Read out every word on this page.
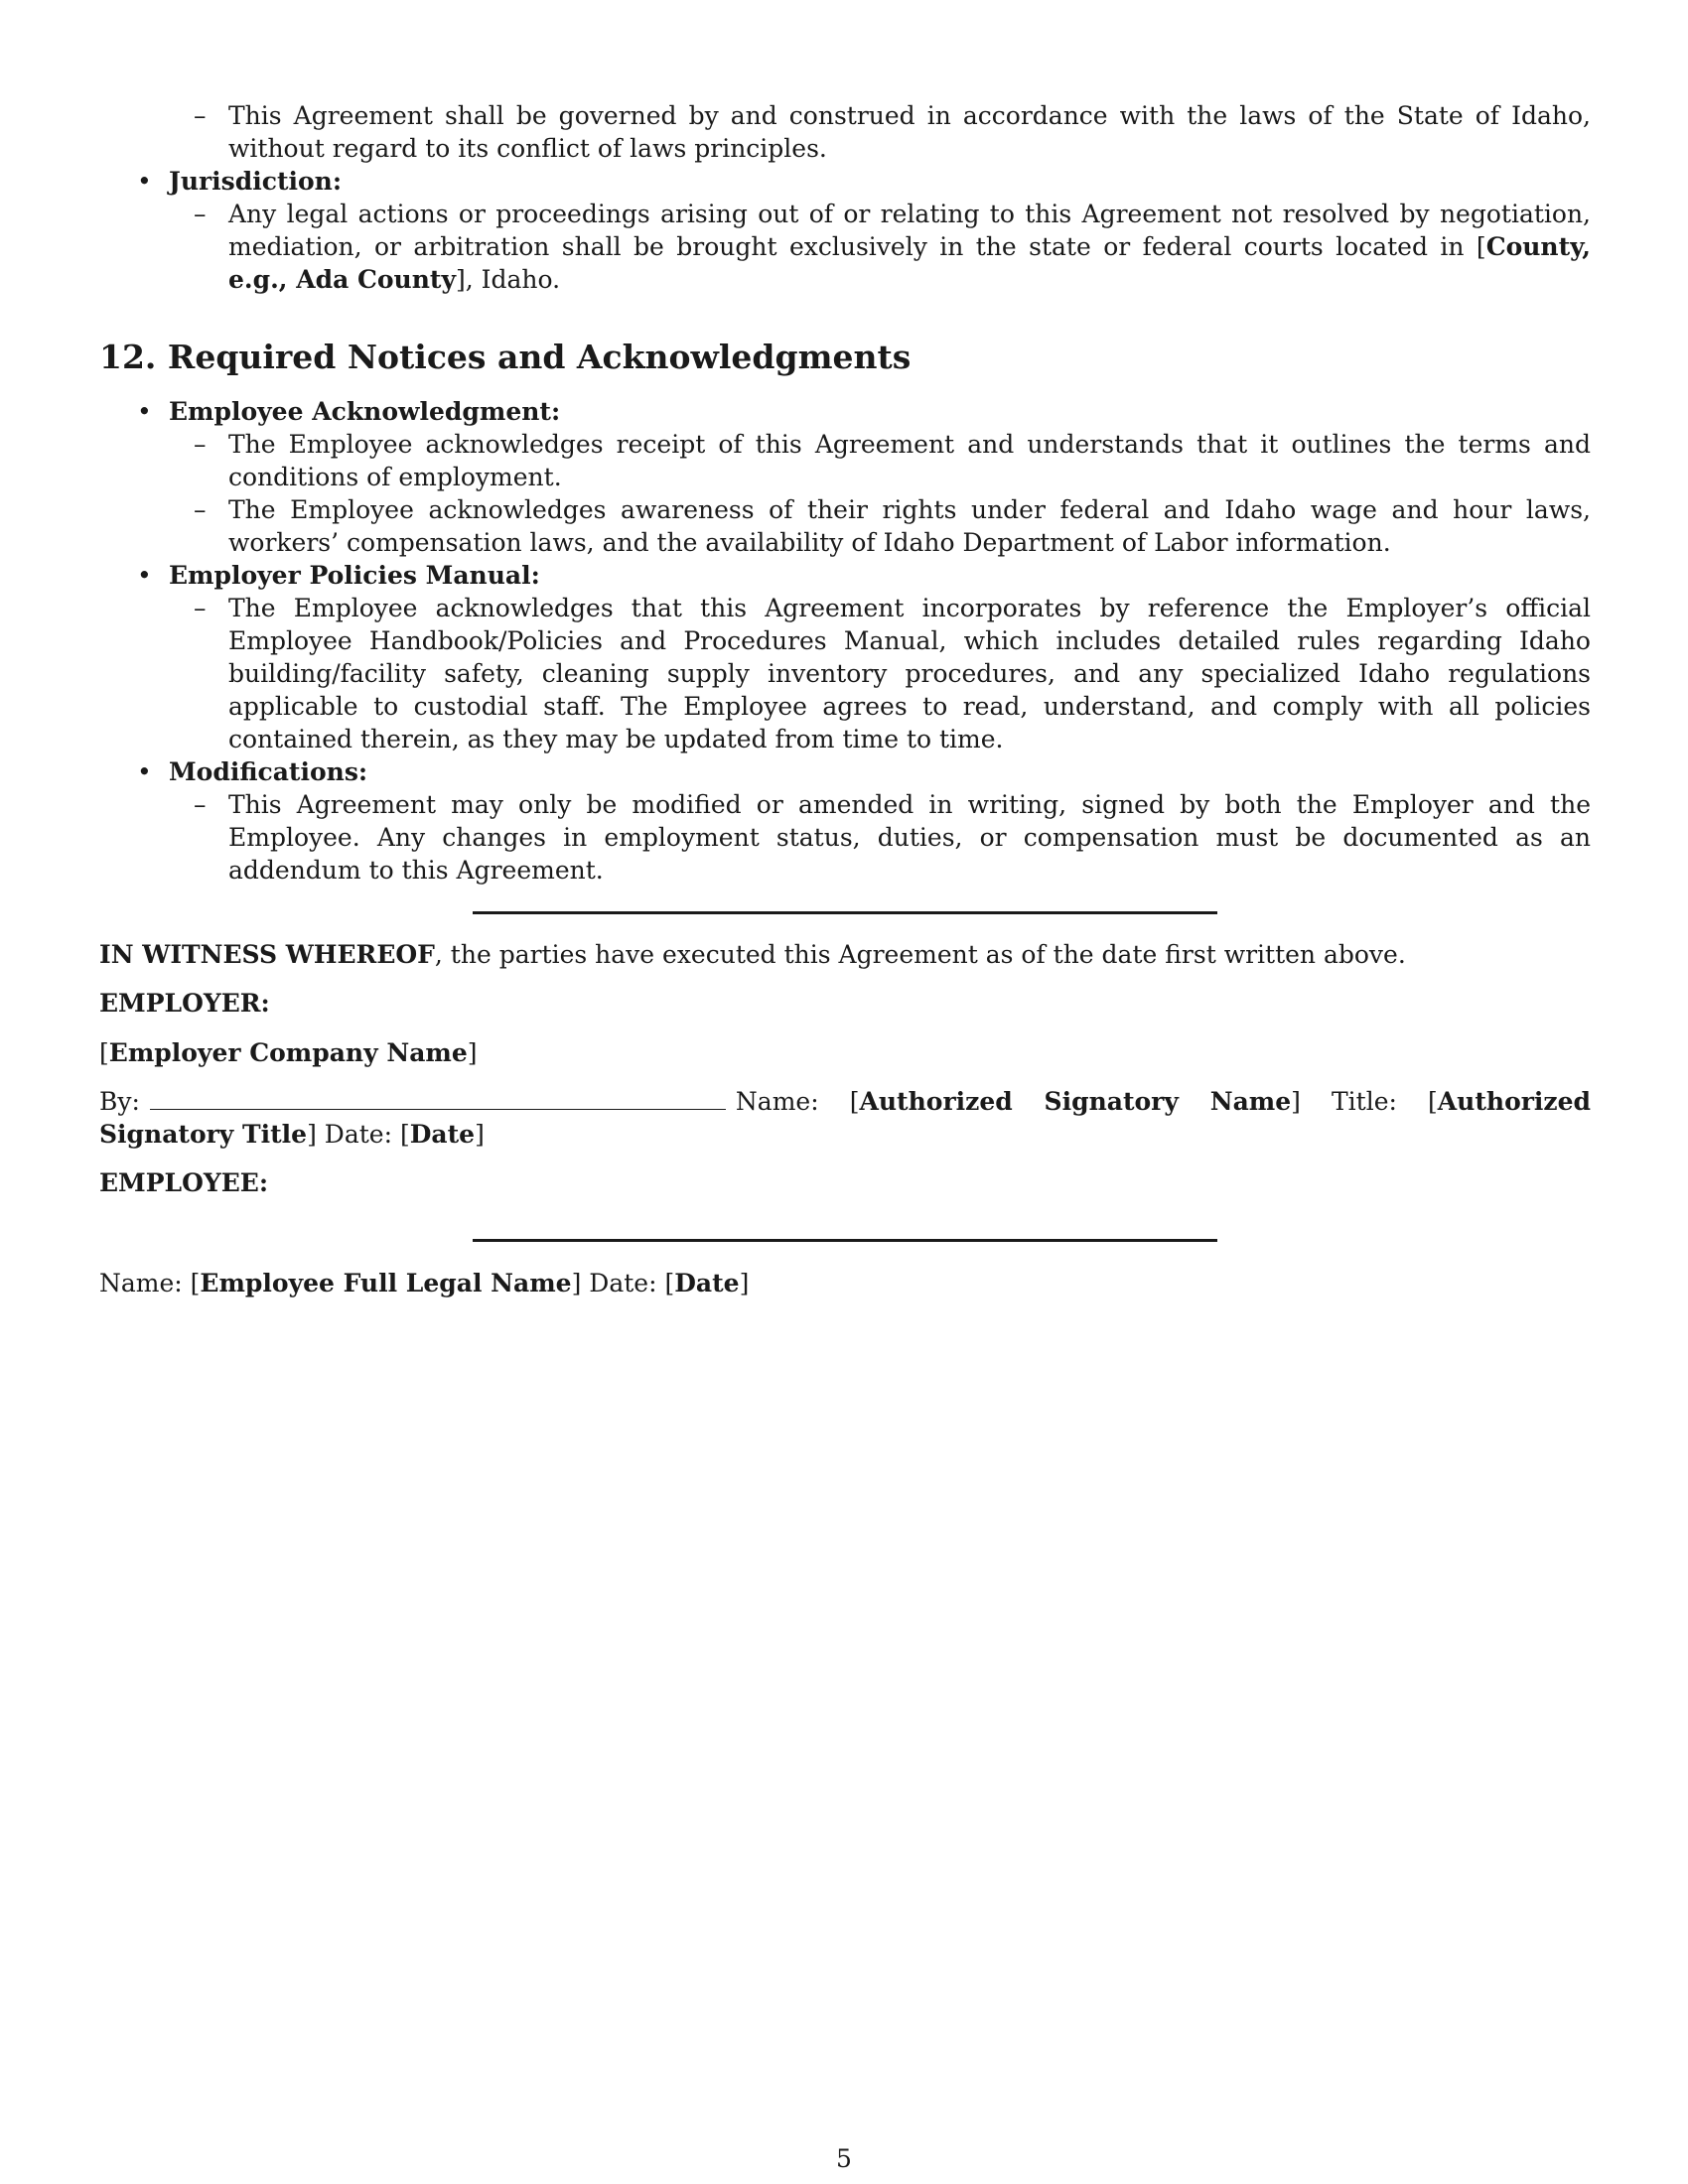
– This Agreement shall be governed by and construed in accordance with the laws of the State of Idaho, without regard to its conflict of laws principles.
• Jurisdiction:
– Any legal actions or proceedings arising out of or relating to this Agreement not resolved by negotiation, mediation, or arbitration shall be brought exclusively in the state or federal courts located in [County, e.g., Ada County], Idaho.
12. Required Notices and Acknowledgments
• Employee Acknowledgment:
– The Employee acknowledges receipt of this Agreement and understands that it outlines the terms and conditions of employment.
– The Employee acknowledges awareness of their rights under federal and Idaho wage and hour laws, workers’ compensation laws, and the availability of Idaho Department of Labor information.
• Employer Policies Manual:
– The Employee acknowledges that this Agreement incorporates by reference the Employer’s official Employee Handbook/Policies and Procedures Manual, which includes detailed rules regarding Idaho building/facility safety, cleaning supply inventory procedures, and any specialized Idaho regulations applicable to custodial staff. The Employee agrees to read, understand, and comply with all policies contained therein, as they may be updated from time to time.
• Modifications:
– This Agreement may only be modified or amended in writing, signed by both the Employer and the Employee. Any changes in employment status, duties, or compensation must be documented as an addendum to this Agreement.

IN WITNESS WHEREOF, the parties have executed this Agreement as of the date first written above.

EMPLOYER:

[Employer Company Name]

By:	Name: [Authorized Signatory Name] Title: [Authorized Signatory Title] Date: [Date]

EMPLOYEE:

Name: [Employee Full Legal Name] Date: [Date]

5
